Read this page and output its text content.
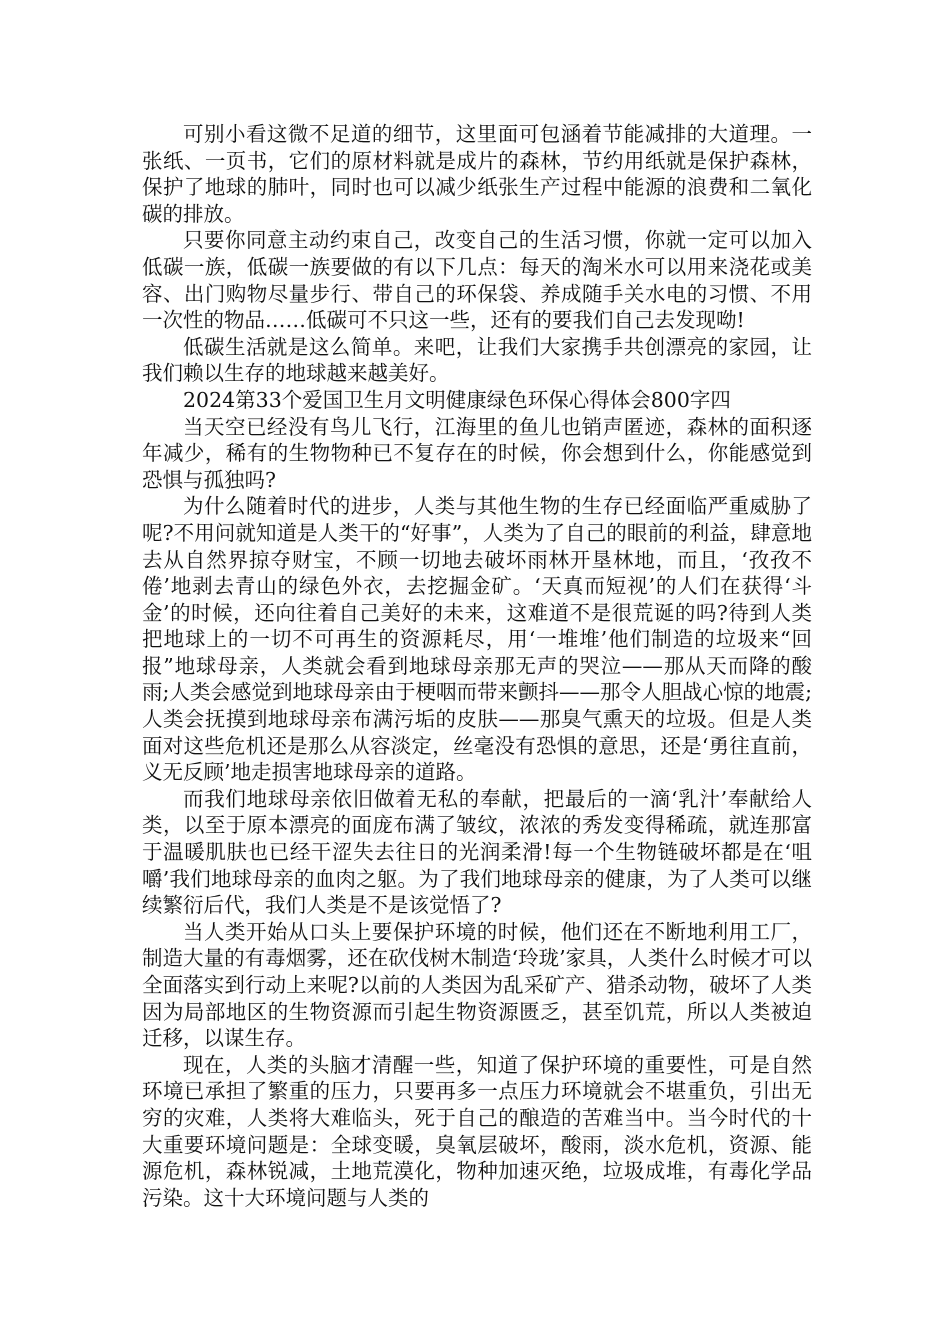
可别小看这微不足道的细节，这里面可包涵着节能减排的大道理。一张纸、一页书，它们的原材料就是成片的森林，节约用纸就是保护森林，保护了地球的肺叶，同时也可以减少纸张生产过程中能源的浪费和二氧化碳的排放。

只要你同意主动约束自己，改变自己的生活习惯，你就一定可以加入低碳一族，低碳一族要做的有以下几点：每天的淘米水可以用来浇花或美容、出门购物尽量步行、带自己的环保袋、养成随手关水电的习惯、不用一次性的物品……低碳可不只这一些，还有的要我们自己去发现呦!

低碳生活就是这么简单。来吧，让我们大家携手共创漂亮的家园，让我们赖以生存的地球越来越美好。

2024第33个爱国卫生月文明健康绿色环保心得体会800字四

当天空已经没有鸟儿飞行，江海里的鱼儿也销声匿迹，森林的面积逐年减少，稀有的生物物种已不复存在的时候，你会想到什么，你能感觉到恐惧与孤独吗?

为什么随着时代的进步，人类与其他生物的生存已经面临严重威胁了呢?不用问就知道是人类干的“好事”，人类为了自己的眼前的利益，肆意地去从自然界掠夺财宝，不顾一切地去破坏雨林开垦林地，而且，‘孜孜不倦’地剥去青山的绿色外衣，去挖掘金矿。‘天真而短视’的人们在获得‘斗金’的时候，还向往着自己美好的未来，这难道不是很荒诞的吗?待到人类把地球上的一切不可再生的资源耗尽，用‘一堆堆’他们制造的垃圾来“回报”地球母亲，人类就会看到地球母亲那无声的哭泣——那从天而降的酸雨;人类会感觉到地球母亲由于梗咽而带来颤抖——那令人胆战心惊的地震;人类会抚摸到地球母亲布满污垢的皮肤——那臭气熏天的垃圾。但是人类面对这些危机还是那么从容淡定，丝毫没有恐惧的意思，还是‘勇往直前，义无反顾’地走损害地球母亲的道路。

而我们地球母亲依旧做着无私的奉献，把最后的一滴‘乳汁’奉献给人类，以至于原本漂亮的面庞布满了皱纹，浓浓的秀发变得稀疏，就连那富于温暖肌肤也已经干涩失去往日的光润柔滑!每一个生物链破坏都是在‘咀嚼’我们地球母亲的血肉之躯。为了我们地球母亲的健康，为了人类可以继续繁衍后代，我们人类是不是该觉悟了?

当人类开始从口头上要保护环境的时候，他们还在不断地利用工厂，制造大量的有毒烟雾，还在砍伐树木制造‘玲珑’家具，人类什么时候才可以全面落实到行动上来呢?以前的人类因为乱采矿产、猎杀动物，破坏了人类因为局部地区的生物资源而引起生物资源匮乏，甚至饥荒，所以人类被迫迁移，以谋生存。

现在，人类的头脑才清醒一些，知道了保护环境的重要性，可是自然环境已承担了繁重的压力，只要再多一点压力环境就会不堪重负，引出无穷的灾难，人类将大难临头，死于自己的酿造的苦难当中。当今时代的十大重要环境问题是：全球变暖，臭氧层破坏，酸雨，淡水危机，资源、能源危机，森林锐减，土地荒漠化，物种加速灭绝，垃圾成堆，有毒化学品污染。这十大环境问题与人类的
